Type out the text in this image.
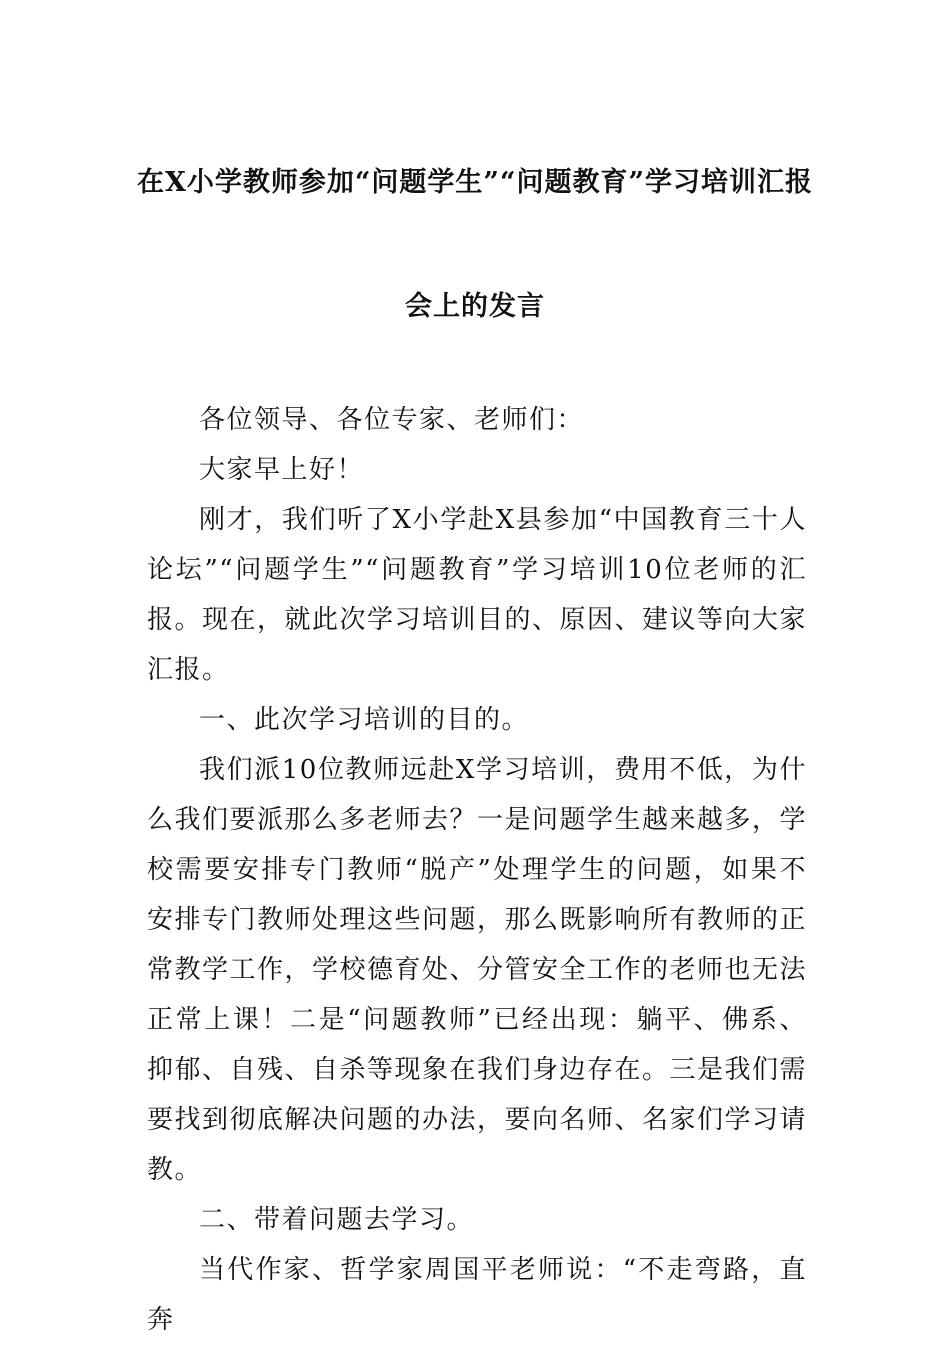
在X小学教师参加“问题学生”“问题教育”学习培训汇报
会上的发言

各位领导、各位专家、老师们：

大家早上好！

刚才，我们听了X小学赴X县参加“中国教育三十人论坛”“问题学生”“问题教育”学习培训10位老师的汇报。现在，就此次学习培训目的、原因、建议等向大家汇报。

一、此次学习培训的目的。

我们派10位教师远赴X学习培训，费用不低，为什么我们要派那么多老师去？一是问题学生越来越多，学校需要安排专门教师“脱产”处理学生的问题，如果不安排专门教师处理这些问题，那么既影响所有教师的正常教学工作，学校德育处、分管安全工作的老师也无法正常上课！二是“问题教师”已经出现：躺平、佛系、抑郁、自残、自杀等现象在我们身边存在。三是我们需要找到彻底解决问题的办法，要向名师、名家们学习请教。

二、带着问题去学习。

当代作家、哲学家周国平老师说：“不走弯路，直奔
